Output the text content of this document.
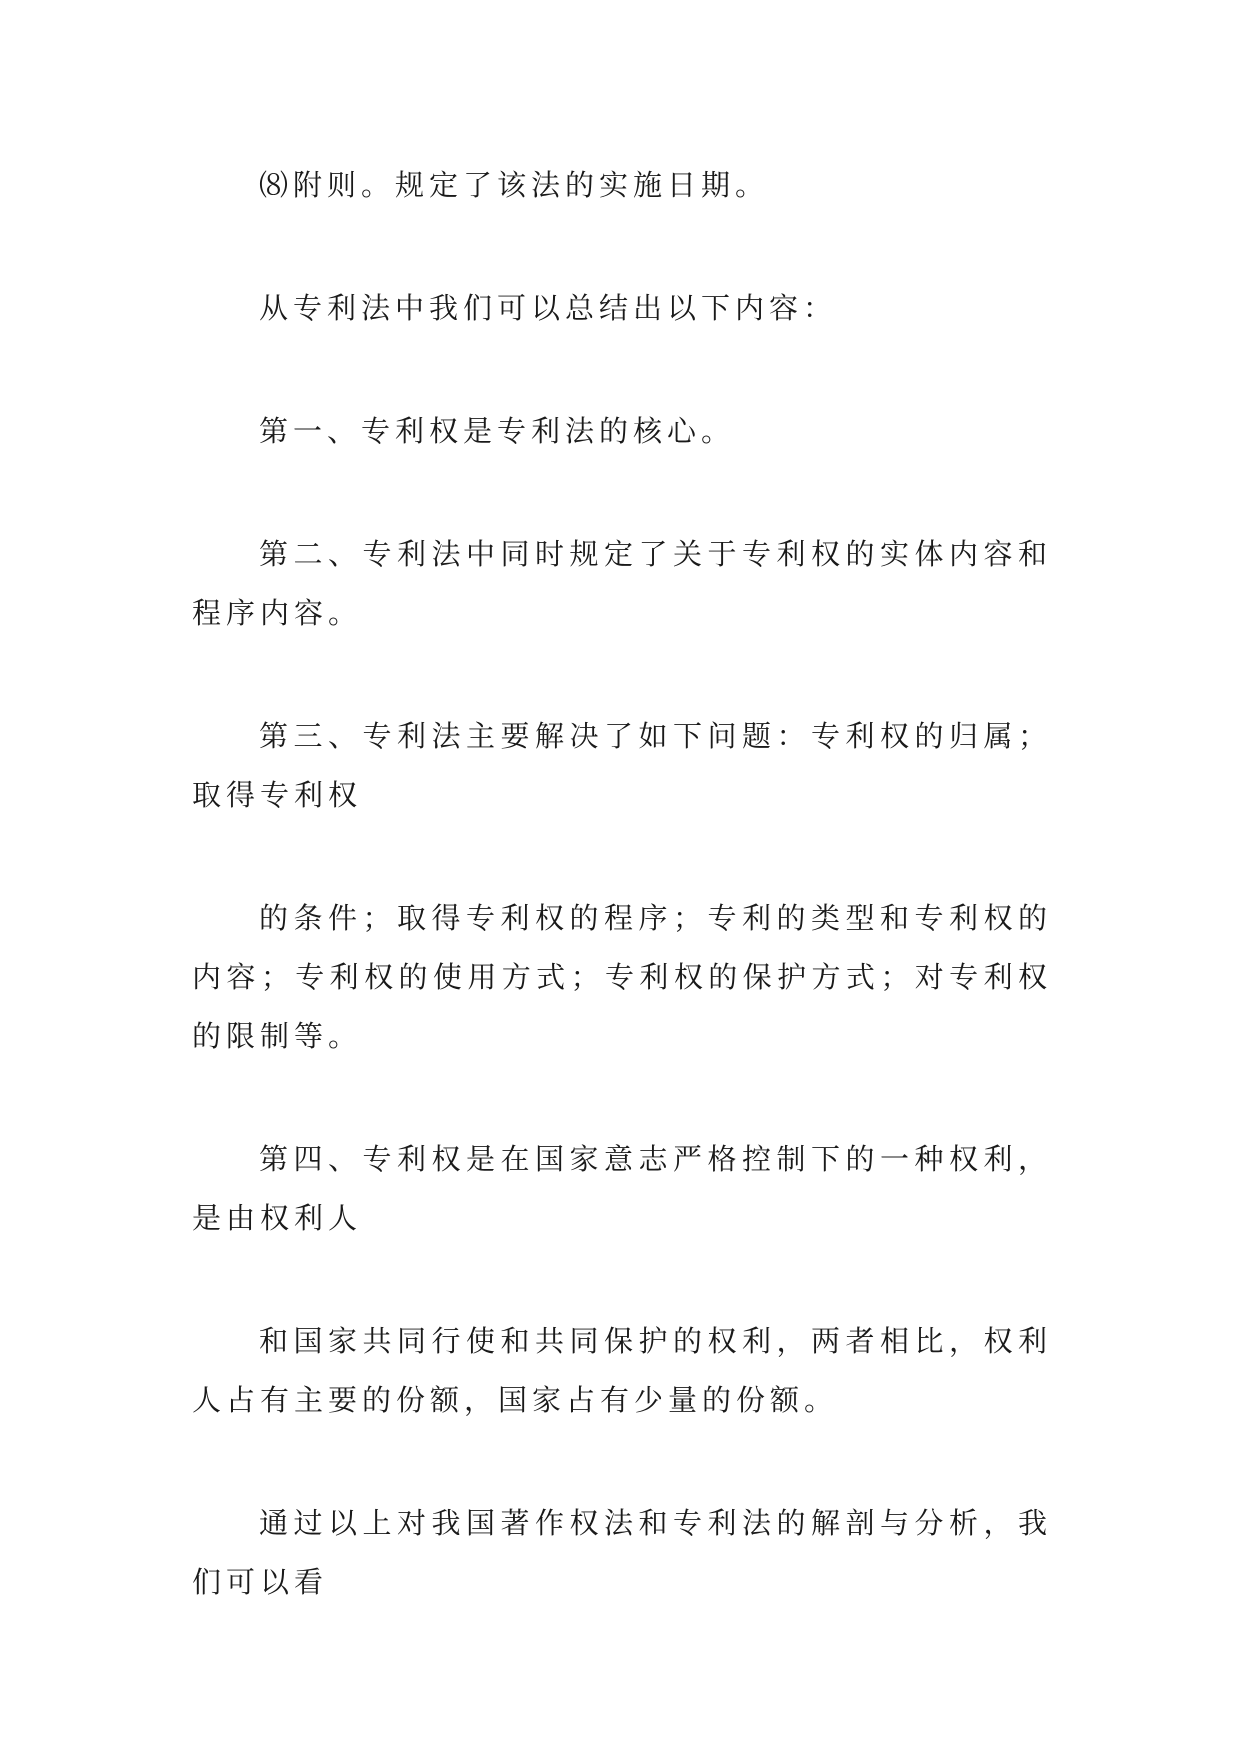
⑻附则。规定了该法的实施日期。

从专利法中我们可以总结出以下内容：

第一、专利权是专利法的核心。

第二、专利法中同时规定了关于专利权的实体内容和程序内容。

第三、专利法主要解决了如下问题：专利权的归属；取得专利权

的条件；取得专利权的程序；专利的类型和专利权的内容；专利权的使用方式；专利权的保护方式；对专利权的限制等。

第四、专利权是在国家意志严格控制下的一种权利，是由权利人

和国家共同行使和共同保护的权利，两者相比，权利人占有主要的份额，国家占有少量的份额。

通过以上对我国著作权法和专利法的解剖与分析，我们可以看
